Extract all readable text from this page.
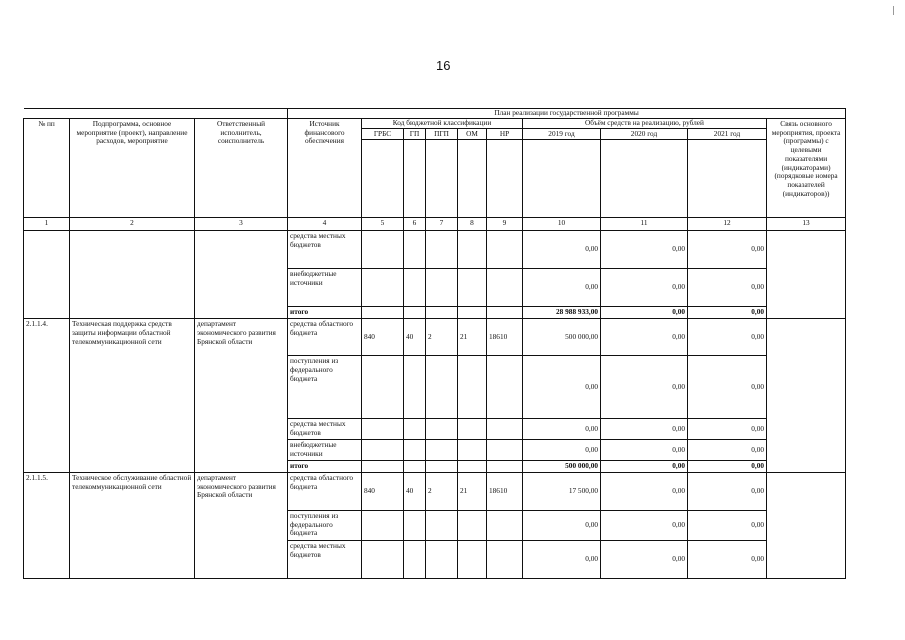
16
			План реализации государственной программы									
№ пп	Подпрограмма, основное мероприятие (проект), направление расходов, мероприятие	Ответственный исполнитель, соисполнитель	Источник финансового обеспечения	Код бюджетной классификации					Объём средств на реализацию, рублей			Связь основного мероприятия, проекта (программы) с целевыми показателями (индикаторами) (порядковые номера показателей (индикаторов))
				ГРБС	ГП	ПГП	ОМ	НР	2019 год	2020 год	2021 год	

1	2	3	4	5	6	7	8	9	10	11	12	13
			средства местных бюджетов						0,00	0,00	0,00	
			внебюджетные источники						0,00	0,00	0,00	
			итого						28 988 933,00	0,00	0,00	
2.1.1.4.	Техническая поддержка средств защиты информации областной телекоммуникационной сети	департамент экономического развития Брянской области	средства областного бюджета	840	40	2	21	18610	500 000,00	0,00	0,00	
			поступления из федерального бюджета						0,00	0,00	0,00	
			средства местных бюджетов						0,00	0,00	0,00	
			внебюджетные источники						0,00	0,00	0,00	
			итого						500 000,00	0,00	0,00	
2.1.1.5.	Техническое обслуживание областной телекоммуникационной сети	департамент экономического развития Брянской области	средства областного бюджета	840	40	2	21	18610	17 500,00	0,00	0,00	
			поступления из федерального бюджета						0,00	0,00	0,00	
			средства местных бюджетов						0,00	0,00	0,00	
